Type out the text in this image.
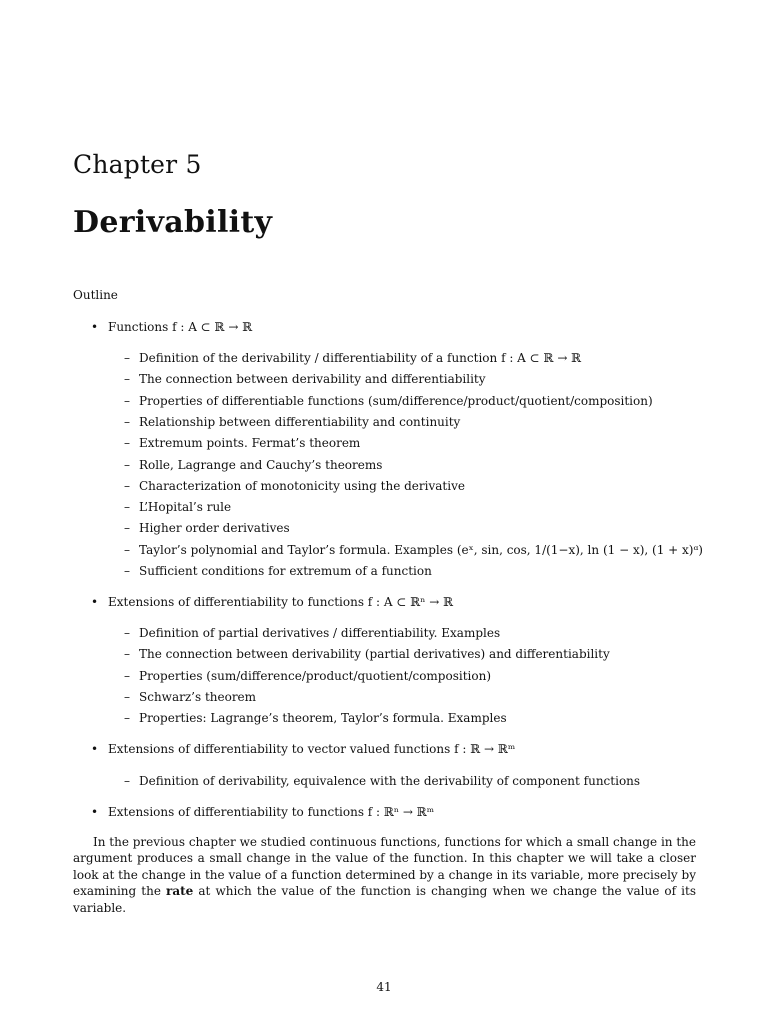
Chapter 5
Derivability
Outline
• Functions f : A ⊂ ℝ → ℝ
– Definition of the derivability / differentiability of a function f : A ⊂ ℝ → ℝ
– The connection between derivability and differentiability
– Properties of differentiable functions (sum/difference/product/quotient/composition)
– Relationship between differentiability and continuity
– Extremum points. Fermat’s theorem
– Rolle, Lagrange and Cauchy’s theorems
– Characterization of monotonicity using the derivative
– L’Hopital’s rule
– Higher order derivatives
– Taylor’s polynomial and Taylor’s formula. Examples (eˣ, sin, cos, 1/(1−x), ln (1 − x), (1 + x)ᵅ)
– Sufficient conditions for extremum of a function
• Extensions of differentiability to functions f : A ⊂ ℝⁿ → ℝ
– Definition of partial derivatives / differentiability. Examples
– The connection between derivability (partial derivatives) and differentiability
– Properties (sum/difference/product/quotient/composition)
– Schwarz’s theorem
– Properties: Lagrange’s theorem, Taylor’s formula. Examples
• Extensions of differentiability to vector valued functions f : ℝ → ℝᵐ
– Definition of derivability, equivalence with the derivability of component functions
• Extensions of differentiability to functions f : ℝⁿ → ℝᵐ
In the previous chapter we studied continuous functions, functions for which a small change in the argument produces a small change in the value of the function. In this chapter we will take a closer look at the change in the value of a function determined by a change in its variable, more precisely by examining the rate at which the value of the function is changing when we change the value of its variable.
41
